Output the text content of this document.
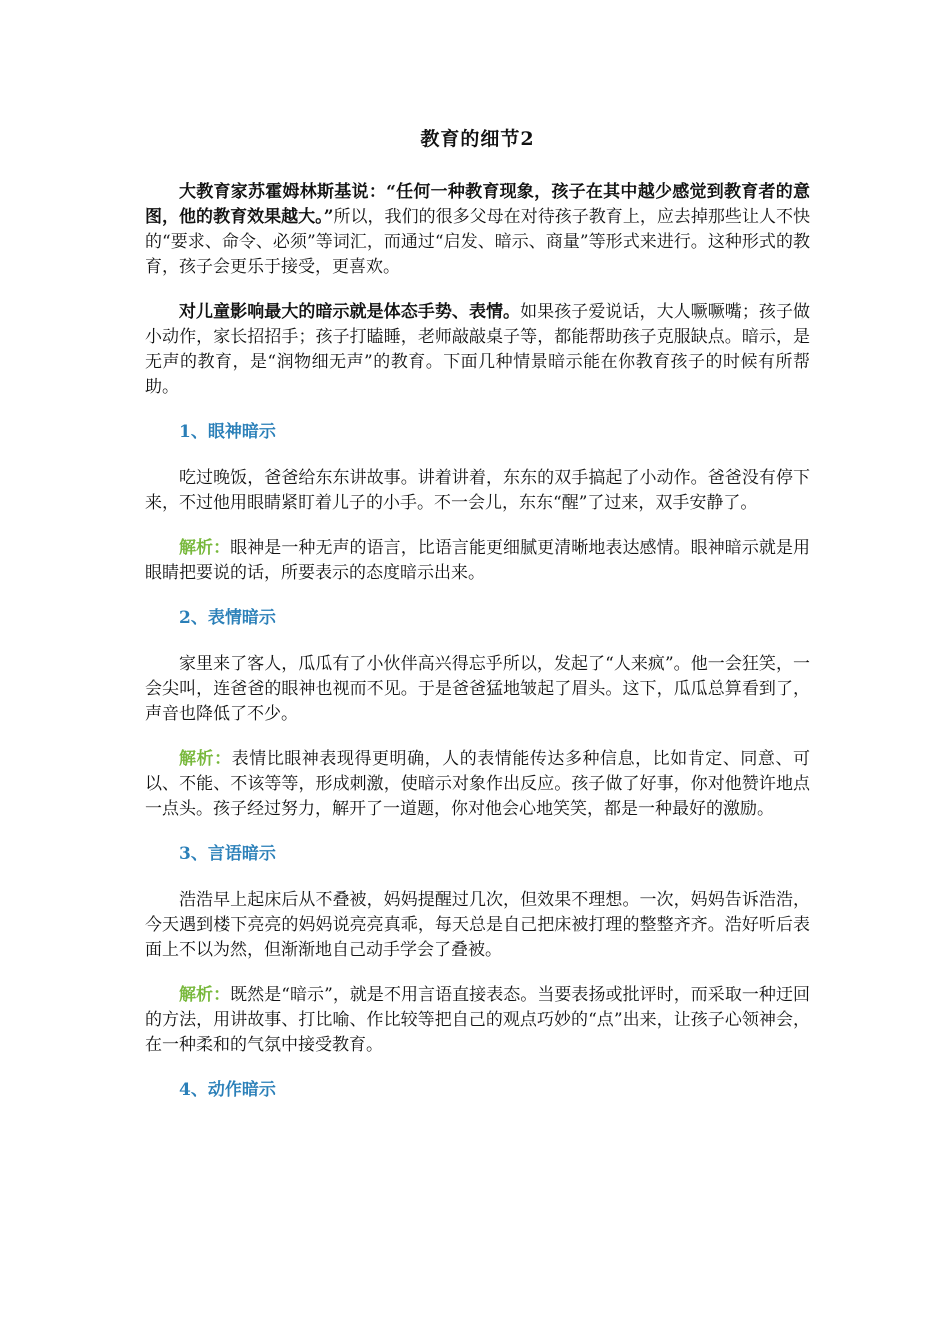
教育的细节2

大教育家苏霍姆林斯基说：“任何一种教育现象，孩子在其中越少感觉到教育者的意图，他的教育效果越大。”所以，我们的很多父母在对待孩子教育上，应去掉那些让人不快的“要求、命令、必须”等词汇，而通过“启发、暗示、商量”等形式来进行。这种形式的教育，孩子会更乐于接受，更喜欢。

对儿童影响最大的暗示就是体态手势、表情。如果孩子爱说话，大人噘噘嘴；孩子做小动作，家长招招手；孩子打瞌睡，老师敲敲桌子等，都能帮助孩子克服缺点。暗示，是无声的教育，是“润物细无声”的教育。下面几种情景暗示能在你教育孩子的时候有所帮助。

1、眼神暗示

吃过晚饭，爸爸给东东讲故事。讲着讲着，东东的双手搞起了小动作。爸爸没有停下来，不过他用眼睛紧盯着儿子的小手。不一会儿，东东“醒”了过来，双手安静了。

解析：眼神是一种无声的语言，比语言能更细腻更清晰地表达感情。眼神暗示就是用眼睛把要说的话，所要表示的态度暗示出来。

2、表情暗示

家里来了客人，瓜瓜有了小伙伴高兴得忘乎所以，发起了“人来疯”。他一会狂笑，一会尖叫，连爸爸的眼神也视而不见。于是爸爸猛地皱起了眉头。这下，瓜瓜总算看到了，声音也降低了不少。

解析：表情比眼神表现得更明确，人的表情能传达多种信息，比如肯定、同意、可以、不能、不该等等，形成刺激，使暗示对象作出反应。孩子做了好事，你对他赞许地点一点头。孩子经过努力，解开了一道题，你对他会心地笑笑，都是一种最好的激励。

3、言语暗示

浩浩早上起床后从不叠被，妈妈提醒过几次，但效果不理想。一次，妈妈告诉浩浩，今天遇到楼下亮亮的妈妈说亮亮真乖，每天总是自己把床被打理的整整齐齐。浩好听后表面上不以为然，但渐渐地自己动手学会了叠被。

解析：既然是“暗示”，就是不用言语直接表态。当要表扬或批评时，而采取一种迂回的方法，用讲故事、打比喻、作比较等把自己的观点巧妙的“点”出来，让孩子心领神会，在一种柔和的气氛中接受教育。

4、动作暗示
